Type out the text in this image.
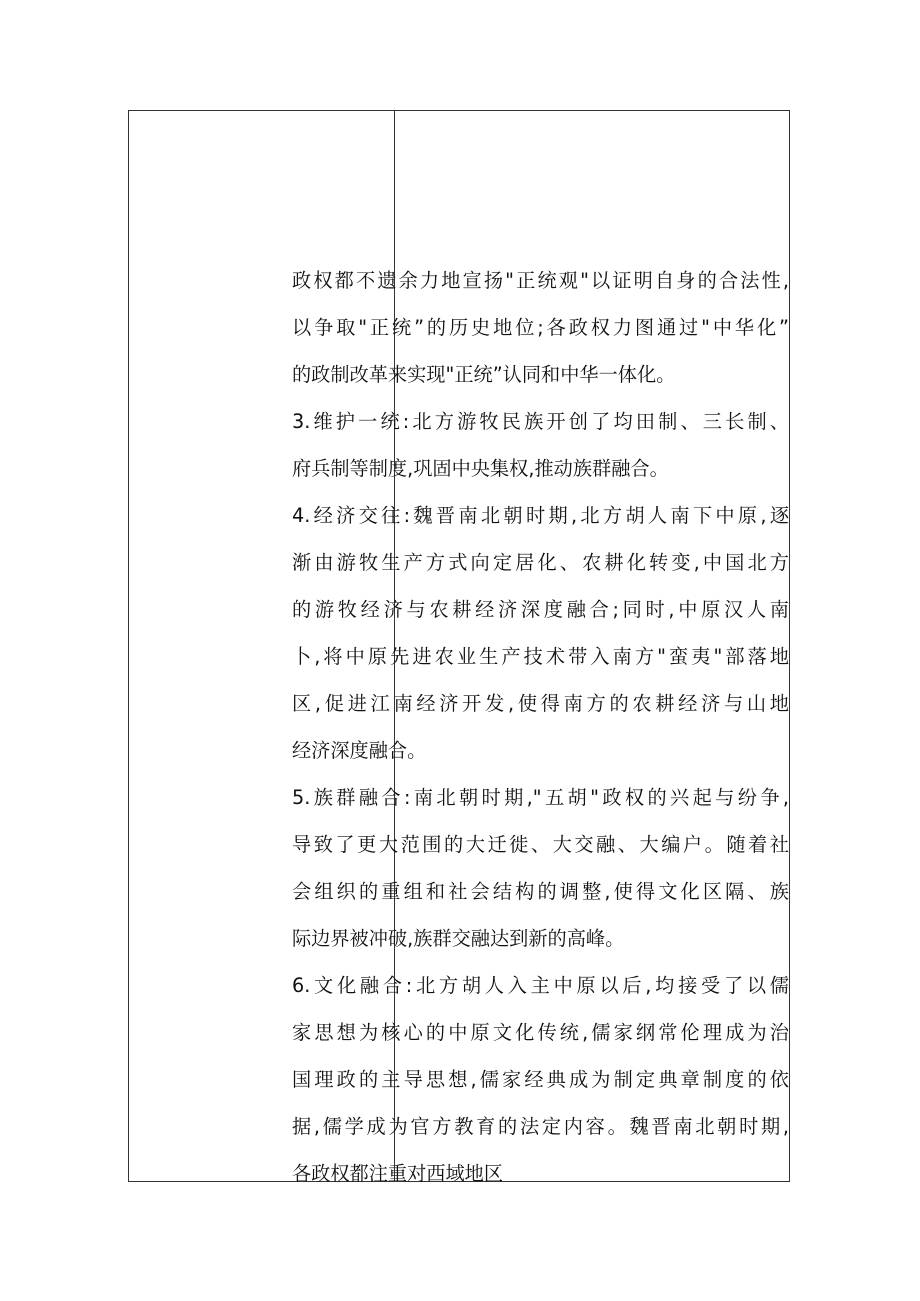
政权都不遗余力地宣扬"正统观"以证明自身的合法性,
以争取"正统”的历史地位;各政权力图通过"中华化”
的政制改革来实现"正统”认同和中华一体化。
3.维护一统:北方游牧民族开创了均田制、三长制、
府兵制等制度,巩固中央集权,推动族群融合。
4.经济交往:魏晋南北朝时期,北方胡人南下中原,逐
渐由游牧生产方式向定居化、农耕化转变,中国北方
的游牧经济与农耕经济深度融合;同时,中原汉人南
卜,将中原先进农业生产技术带入南方"蛮夷"部落地
区,促进江南经济开发,使得南方的农耕经济与山地
经济深度融合。
5.族群融合:南北朝时期,"五胡"政权的兴起与纷争,
导致了更大范围的大迁徙、大交融、大编户。随着社
会组织的重组和社会结构的调整,使得文化区隔、族
际边界被冲破,族群交融达到新的高峰。
6.文化融合:北方胡人入主中原以后,均接受了以儒
家思想为核心的中原文化传统,儒家纲常伦理成为治
国理政的主导思想,儒家经典成为制定典章制度的依
据,儒学成为官方教育的法定内容。魏晋南北朝时期,
各政权都注重对西域地区
